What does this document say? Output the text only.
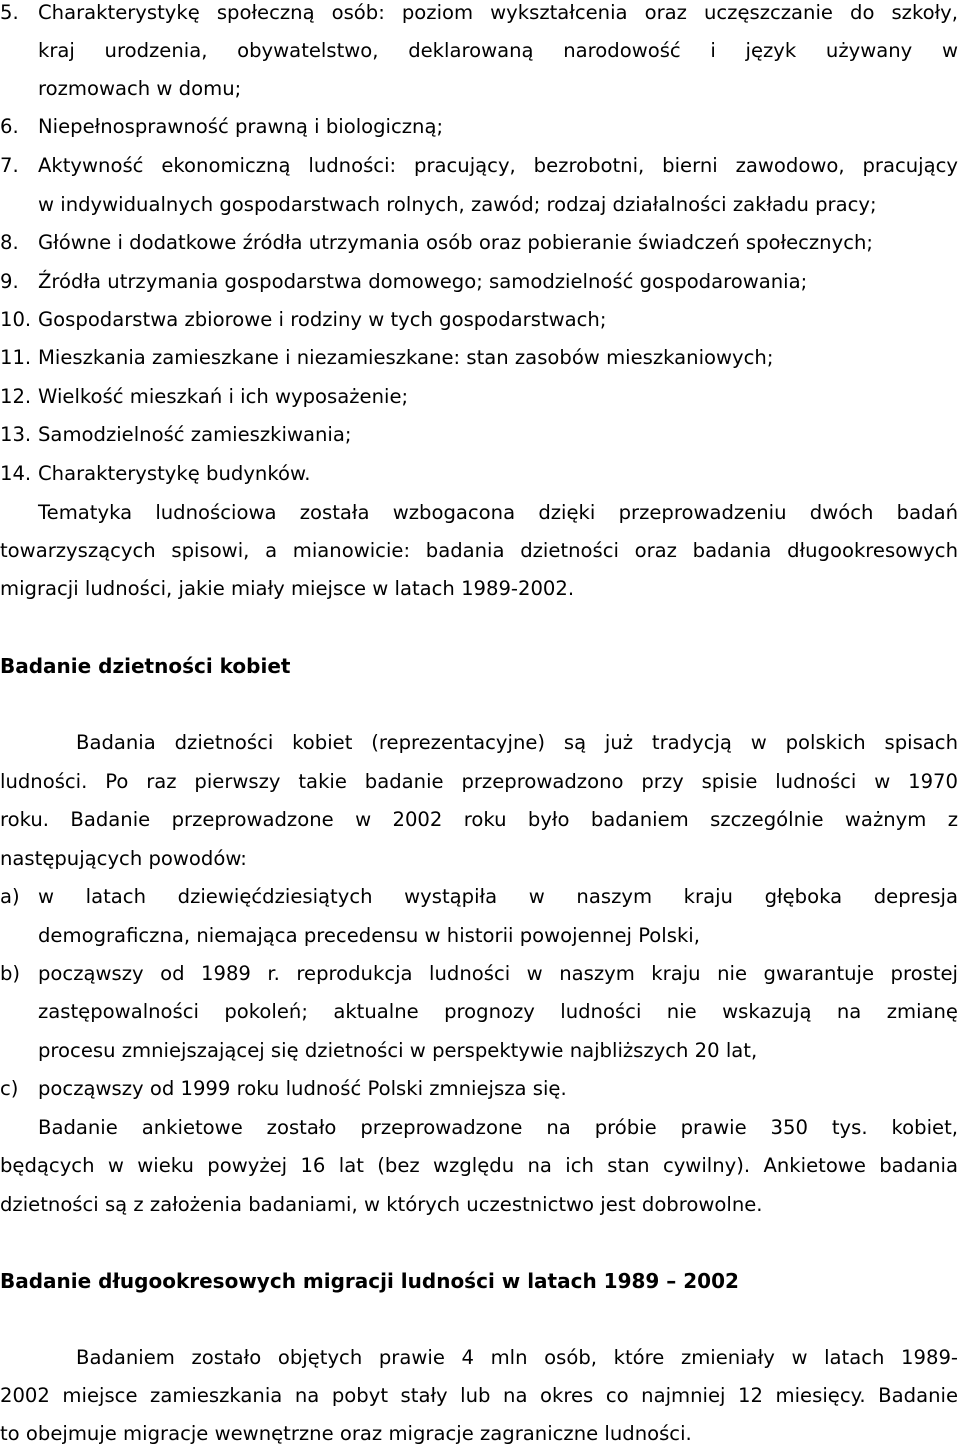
5. Charakterystykę społeczną osób: poziom wykształcenia oraz uczęszczanie do szkoły,
kraj urodzenia, obywatelstwo, deklarowaną narodowość i język używany w
rozmowach w domu;
6. Niepełnosprawność prawną i biologiczną;
7. Aktywność ekonomiczną ludności: pracujący, bezrobotni, bierni zawodowo, pracujący
w indywidualnych gospodarstwach rolnych, zawód; rodzaj działalności zakładu pracy;
8. Główne i dodatkowe źródła utrzymania osób oraz pobieranie świadczeń społecznych;
9. Źródła utrzymania gospodarstwa domowego; samodzielność gospodarowania;
10. Gospodarstwa zbiorowe i rodziny w tych gospodarstwach;
11. Mieszkania zamieszkane i niezamieszkane: stan zasobów mieszkaniowych;
12. Wielkość mieszkań i ich wyposażenie;
13. Samodzielność zamieszkiwania;
14. Charakterystykę budynków.
Tematyka ludnościowa została wzbogacona dzięki przeprowadzeniu dwóch badań
towarzyszących spisowi, a mianowicie: badania dzietności oraz badania długookresowych
migracji ludności, jakie miały miejsce w latach 1989-2002.
Badanie dzietności kobiet
Badania dzietności kobiet (reprezentacyjne) są już tradycją w polskich spisach
ludności. Po raz pierwszy takie badanie przeprowadzono przy spisie ludności w 1970
roku. Badanie przeprowadzone w 2002 roku było badaniem szczególnie ważnym z
następujących powodów:
a) w latach dziewięćdziesiątych wystąpiła w naszym kraju głęboka depresja
demograficzna, niemająca precedensu w historii powojennej Polski,
b) począwszy od 1989 r. reprodukcja ludności w naszym kraju nie gwarantuje prostej
zastępowalności pokoleń; aktualne prognozy ludności nie wskazują na zmianę
procesu zmniejszającej się dzietności w perspektywie najbliższych 20 lat,
c) począwszy od 1999 roku ludność Polski zmniejsza się.
Badanie ankietowe zostało przeprowadzone na próbie prawie 350 tys. kobiet,
będących w wieku powyżej 16 lat (bez względu na ich stan cywilny). Ankietowe badania
dzietności są z założenia badaniami, w których uczestnictwo jest dobrowolne.
Badanie długookresowych migracji ludności w latach 1989 – 2002
Badaniem zostało objętych prawie 4 mln osób, które zmieniały w latach 1989-
2002 miejsce zamieszkania na pobyt stały lub na okres co najmniej 12 miesięcy. Badanie
to obejmuje migracje wewnętrzne oraz migracje zagraniczne ludności.
